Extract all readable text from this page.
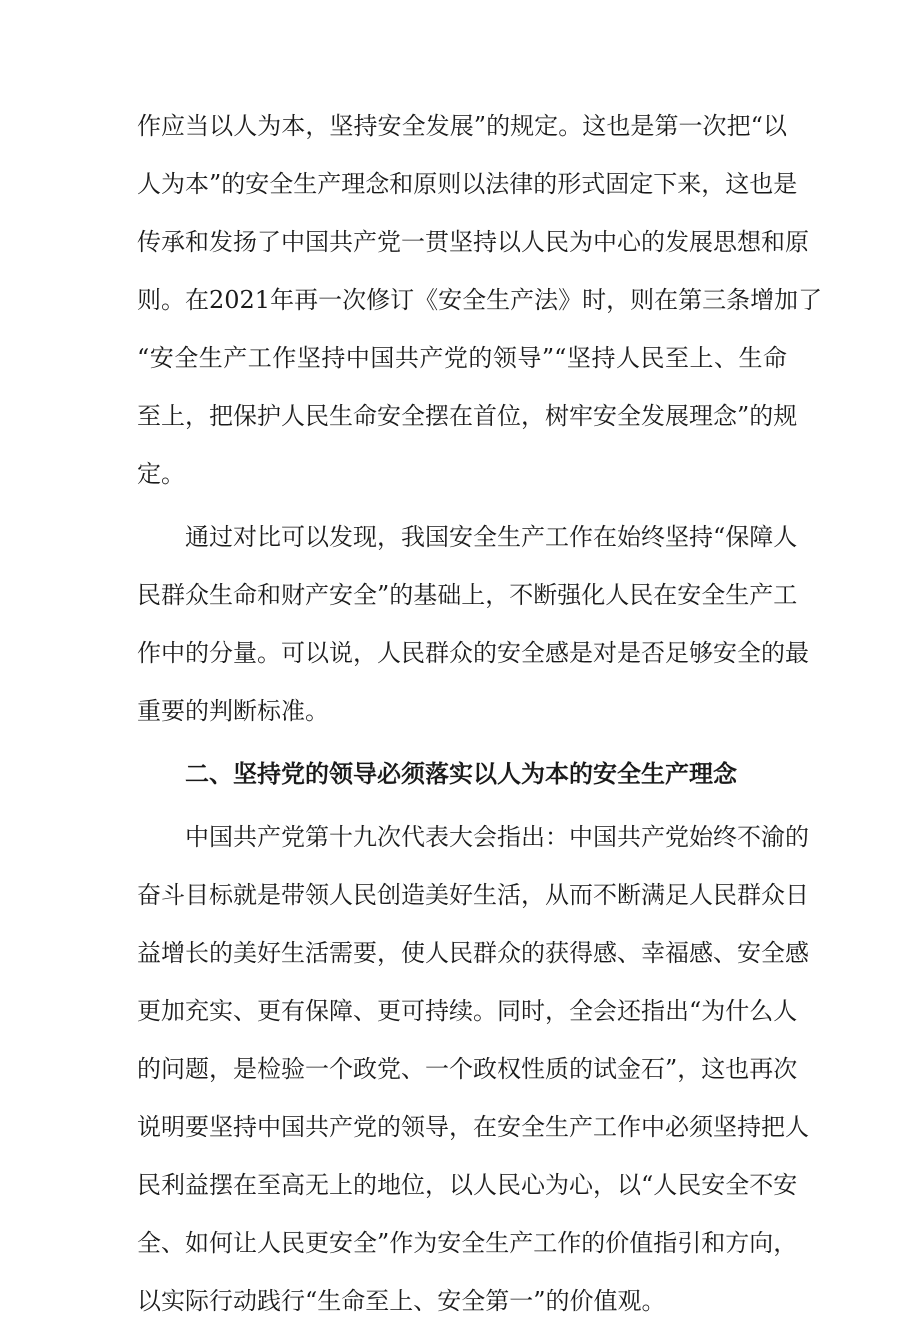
作应当以人为本，坚持安全发展”的规定。这也是第一次把“以
人为本”的安全生产理念和原则以法律的形式固定下来，这也是
传承和发扬了中国共产党一贯坚持以人民为中心的发展思想和原
则。在2021年再一次修订《安全生产法》时，则在第三条增加了
“安全生产工作坚持中国共产党的领导”“坚持人民至上、生命
至上，把保护人民生命安全摆在首位，树牢安全发展理念”的规
定。
通过对比可以发现，我国安全生产工作在始终坚持“保障人
民群众生命和财产安全”的基础上，不断强化人民在安全生产工
作中的分量。可以说，人民群众的安全感是对是否足够安全的最
重要的判断标准。
二、坚持党的领导必须落实以人为本的安全生产理念
中国共产党第十九次代表大会指出：中国共产党始终不渝的
奋斗目标就是带领人民创造美好生活，从而不断满足人民群众日
益增长的美好生活需要，使人民群众的获得感、幸福感、安全感
更加充实、更有保障、更可持续。同时，全会还指出“为什么人
的问题，是检验一个政党、一个政权性质的试金石”，这也再次
说明要坚持中国共产党的领导，在安全生产工作中必须坚持把人
民利益摆在至高无上的地位，以人民心为心，以“人民安全不安
全、如何让人民更安全”作为安全生产工作的价值指引和方向，
以实际行动践行“生命至上、安全第一”的价值观。
